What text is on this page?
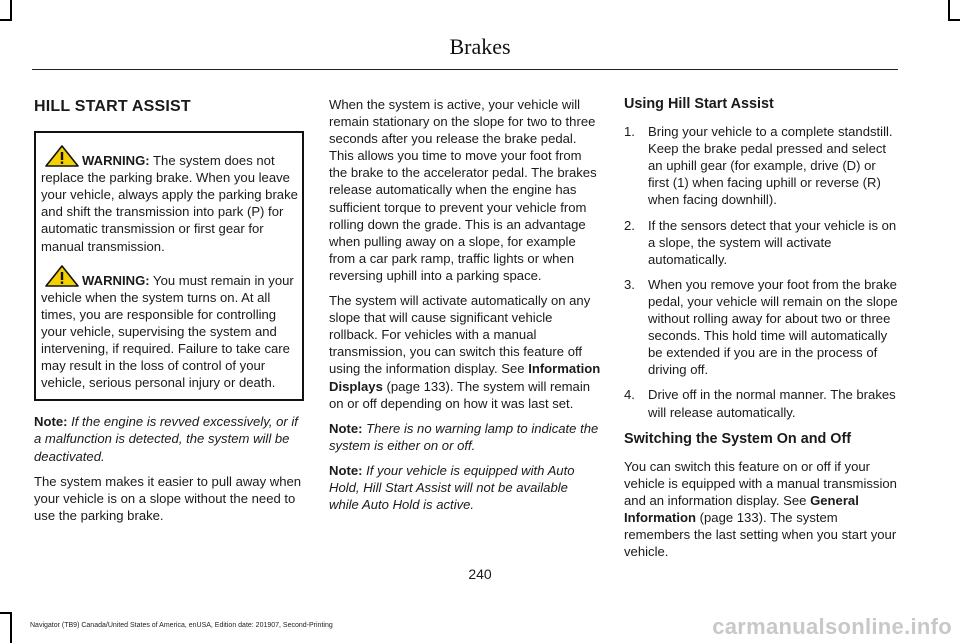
Brakes
HILL START ASSIST

WARNING: The system does not replace the parking brake. When you leave your vehicle, always apply the parking brake and shift the transmission into park (P) for automatic transmission or first gear for manual transmission.

WARNING: You must remain in your vehicle when the system turns on. At all times, you are responsible for controlling your vehicle, supervising the system and intervening, if required. Failure to take care may result in the loss of control of your vehicle, serious personal injury or death.

Note: If the engine is revved excessively, or if a malfunction is detected, the system will be deactivated.

The system makes it easier to pull away when your vehicle is on a slope without the need to use the parking brake.

When the system is active, your vehicle will remain stationary on the slope for two to three seconds after you release the brake pedal. This allows you time to move your foot from the brake to the accelerator pedal. The brakes release automatically when the engine has sufficient torque to prevent your vehicle from rolling down the grade. This is an advantage when pulling away on a slope, for example from a car park ramp, traffic lights or when reversing uphill into a parking space.

The system will activate automatically on any slope that will cause significant vehicle rollback. For vehicles with a manual transmission, you can switch this feature off using the information display. See Information Displays (page 133). The system will remain on or off depending on how it was last set.

Note: There is no warning lamp to indicate the system is either on or off.

Note: If your vehicle is equipped with Auto Hold, Hill Start Assist will not be available while Auto Hold is active.

Using Hill Start Assist
1. Bring your vehicle to a complete standstill. Keep the brake pedal pressed and select an uphill gear (for example, drive (D) or first (1) when facing uphill or reverse (R) when facing downhill).
2. If the sensors detect that your vehicle is on a slope, the system will activate automatically.
3. When you remove your foot from the brake pedal, your vehicle will remain on the slope without rolling away for about two or three seconds. This hold time will automatically be extended if you are in the process of driving off.
4. Drive off in the normal manner. The brakes will release automatically.
Switching the System On and Off

You can switch this feature on or off if your vehicle is equipped with a manual transmission and an information display. See General Information (page 133). The system remembers the last setting when you start your vehicle.

240
Navigator (TB9) Canada/United States of America, enUSA, Edition date: 201907, Second-Printing	carmanualsonline.info
